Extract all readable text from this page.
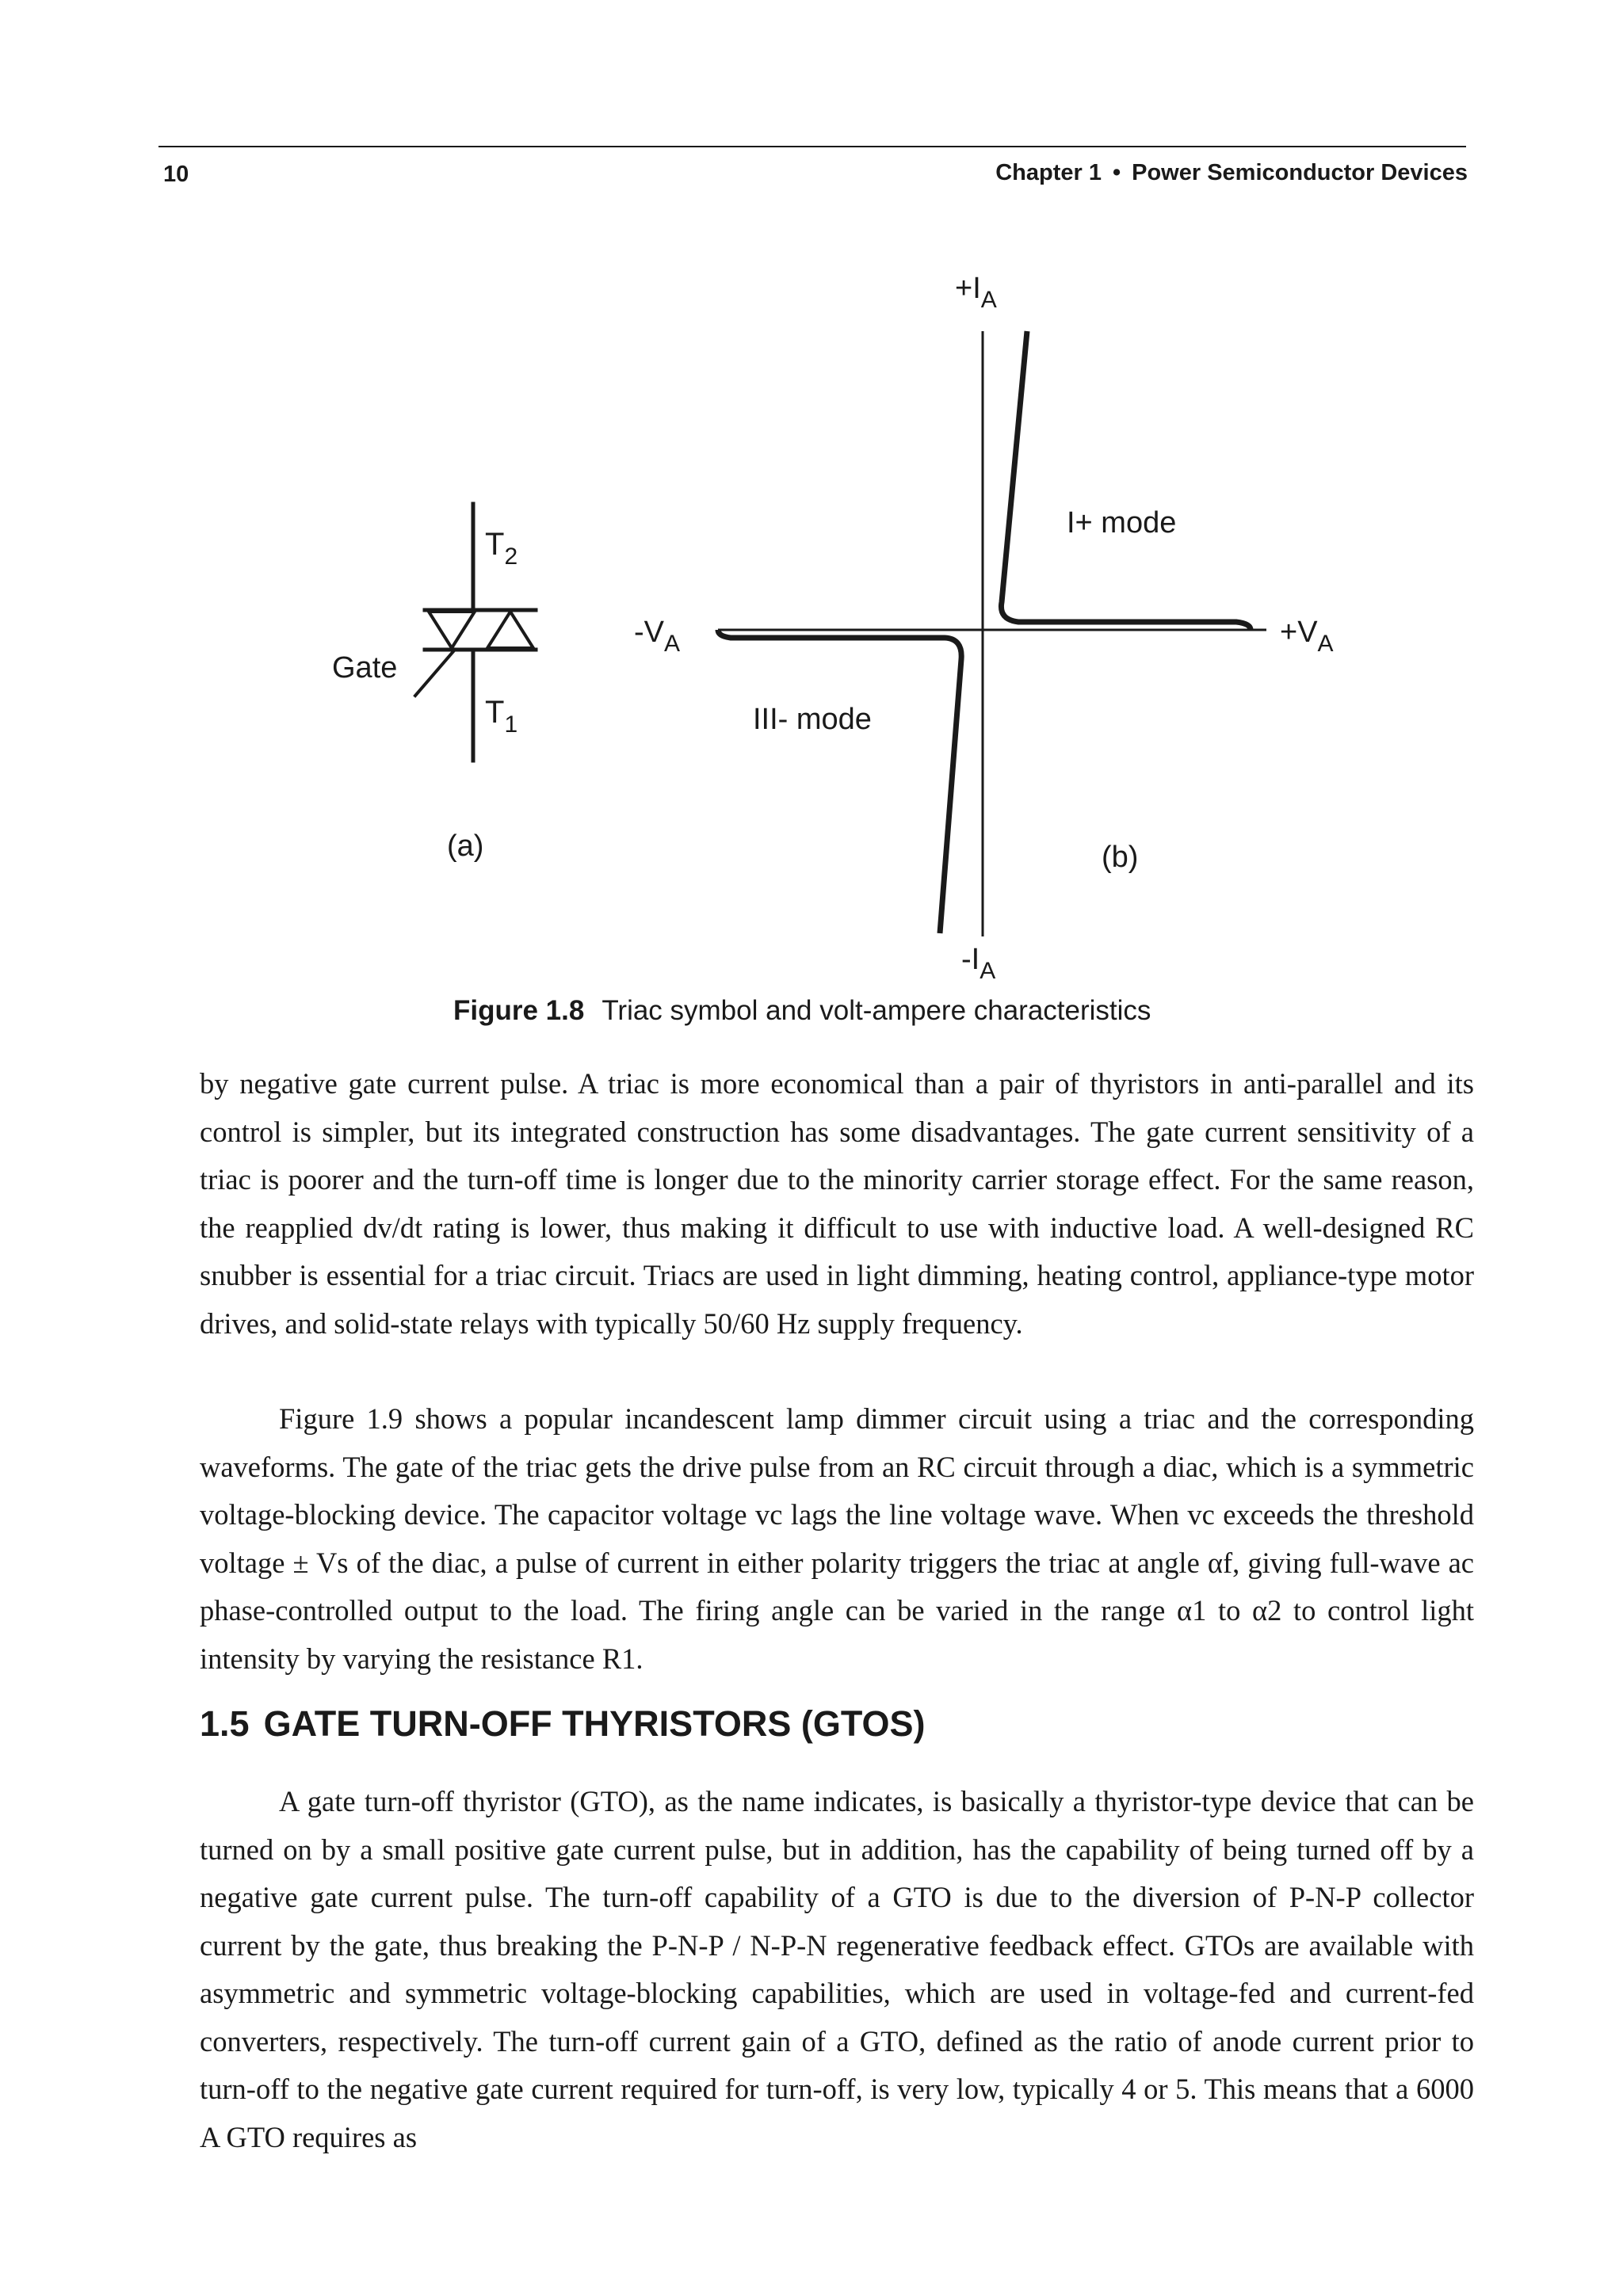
10	Chapter 1 • Power Semiconductor Devices
Gate
$T_2$
$T_1$
(a)
$+I_A$
$-I_A$
$+V_A$
$-V_A$
I+ mode
III- mode
(b)
Figure 1.8 Triac symbol and volt-ampere characteristics

by negative gate current pulse. A triac is more economical than a pair of thyristors in anti-parallel and its control is simpler, but its integrated construction has some disadvantages. The gate current sensitivity of a triac is poorer and the turn-off time is longer due to the minority carrier storage effect. For the same reason, the reapplied dv/dt rating is lower, thus making it difficult to use with inductive load. A well-designed RC snubber is essential for a triac circuit. Triacs are used in light dimming, heating control, appliance-type motor drives, and solid-state relays with typically 50/60 Hz supply frequency.

Figure 1.9 shows a popular incandescent lamp dimmer circuit using a triac and the corresponding waveforms. The gate of the triac gets the drive pulse from an RC circuit through a diac, which is a symmetric voltage-blocking device. The capacitor voltage vc lags the line voltage wave. When vc exceeds the threshold voltage ± Vs of the diac, a pulse of current in either polarity triggers the triac at angle αf, giving full-wave ac phase-controlled output to the load. The firing angle can be varied in the range α1 to α2 to control light intensity by varying the resistance R1.

1.5 GATE TURN-OFF THYRISTORS (GTOS)

A gate turn-off thyristor (GTO), as the name indicates, is basically a thyristor-type device that can be turned on by a small positive gate current pulse, but in addition, has the capability of being turned off by a negative gate current pulse. The turn-off capability of a GTO is due to the diversion of P-N-P collector current by the gate, thus breaking the P-N-P / N-P-N regenerative feedback effect. GTOs are available with asymmetric and symmetric voltage-blocking capabilities, which are used in voltage-fed and current-fed converters, respectively. The turn-off current gain of a GTO, defined as the ratio of anode current prior to turn-off to the negative gate current required for turn-off, is very low, typically 4 or 5. This means that a 6000 A GTO requires as
